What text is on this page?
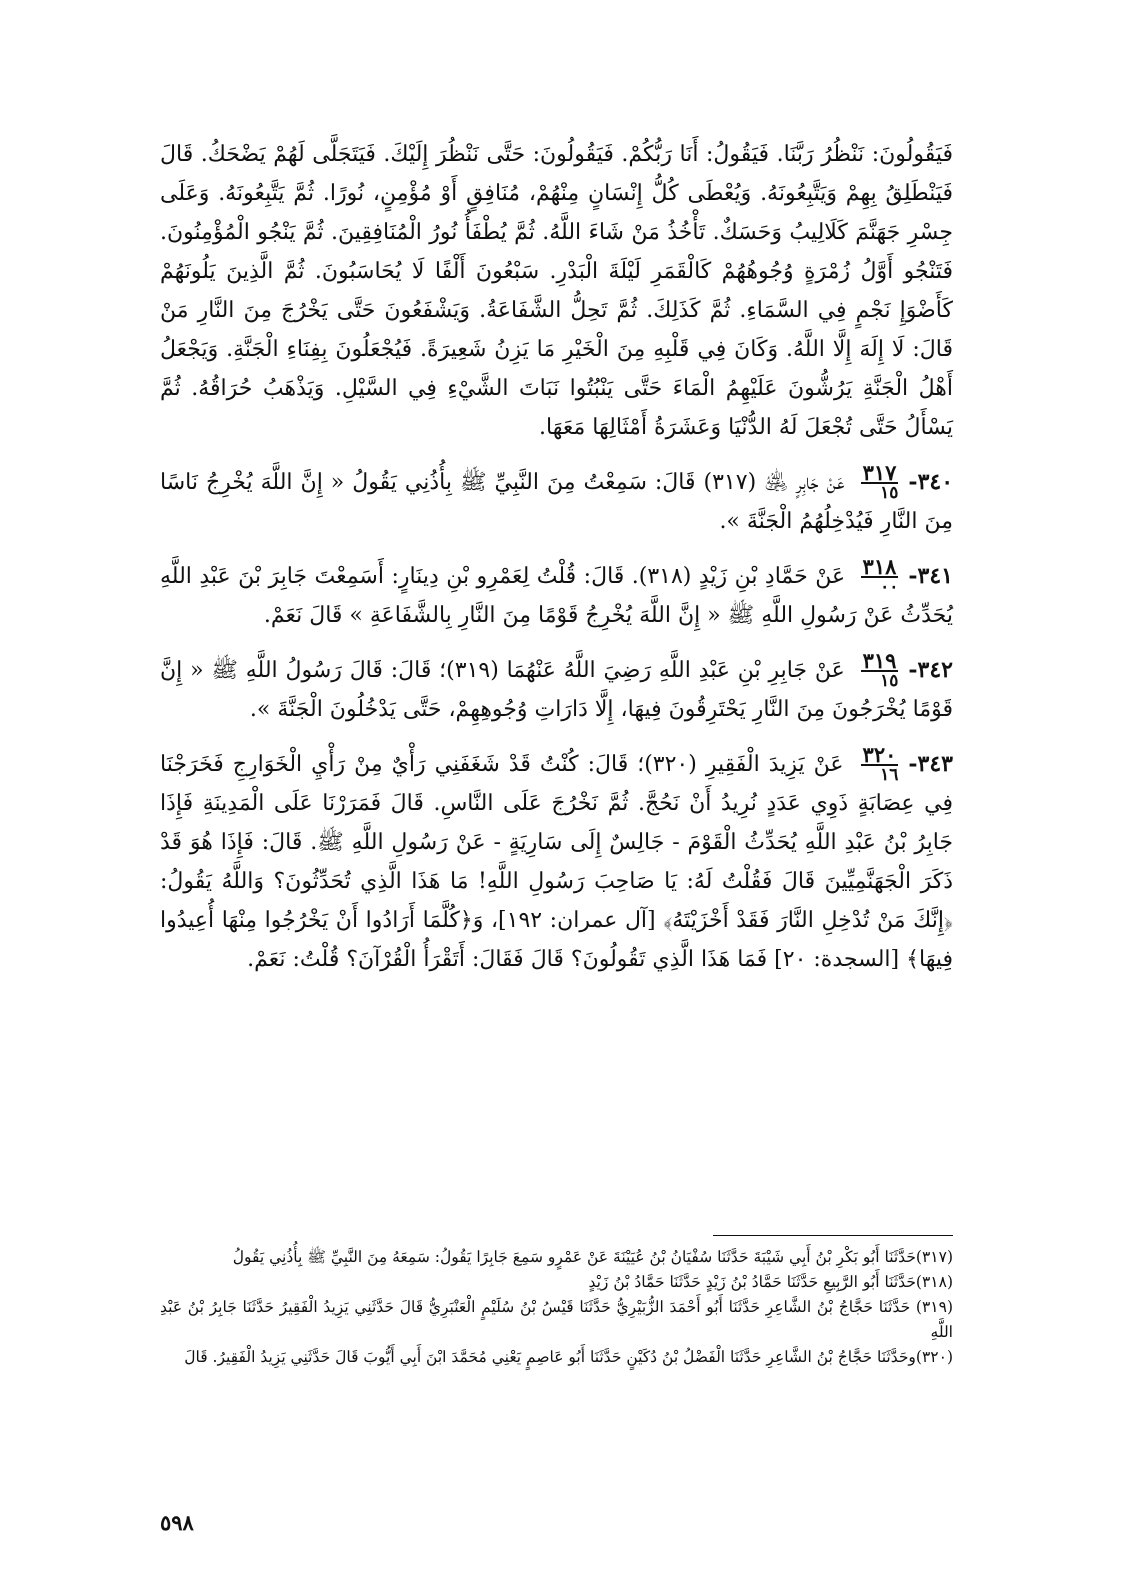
فَيَقُولُونَ: نَنْظُرُ رَبَّنَا. فَيَقُولُ: أَنَا رَبُّكُمْ. فَيَقُولُونَ: حَتَّى نَنْظُرَ إِلَيْكَ. فَيَتَجَلَّى لَهُمْ يَضْحَكُ. قَالَ فَيَنْطَلِقُ بِهِمْ وَيَتَّبِعُونَهُ. وَيُعْطَى كُلُّ إِنْسَانٍ مِنْهُمْ، مُنَافِقٍ أَوْ مُؤْمِنٍ، نُورًا. ثُمَّ يَتَّبِعُونَهُ. وَعَلَى جِسْرِ جَهَنَّمَ كَلَالِيبُ وَحَسَكٌ. تَأْخُذُ مَنْ شَاءَ اللَّهُ. ثُمَّ يُطْفَأُ نُورُ الْمُنَافِقِينَ. ثُمَّ يَنْجُو الْمُؤْمِنُونَ. فَتَنْجُو أَوَّلُ زُمْرَةٍ وُجُوهُهُمْ كَالْقَمَرِ لَيْلَةَ الْبَدْرِ. سَبْعُونَ أَلْفًا لَا يُحَاسَبُونَ. ثُمَّ الَّذِينَ يَلُونَهُمْ كَأَضْوَإِ نَجْمٍ فِي السَّمَاءِ. ثُمَّ كَذَلِكَ. ثُمَّ تَحِلُّ الشَّفَاعَةُ. وَيَشْفَعُونَ حَتَّى يَخْرُجَ مِنَ النَّارِ مَنْ قَالَ: لَا إِلَهَ إِلَّا اللَّهُ. وَكَانَ فِي قَلْبِهِ مِنَ الْخَيْرِ مَا يَزِنُ شَعِيرَةً. فَيُجْعَلُونَ بِفِنَاءِ الْجَنَّةِ. وَيَجْعَلُ أَهْلُ الْجَنَّةِ يَرُشُّونَ عَلَيْهِمُ الْمَاءَ حَتَّى يَنْبُتُوا نَبَاتَ الشَّيْءِ فِي السَّيْلِ. وَيَذْهَبُ حُرَاقُهُ. ثُمَّ يَسْأَلُ حَتَّى تُجْعَلَ لَهُ الدُّنْيَا وَعَشَرَةُ أَمْثَالِهَا مَعَهَا.

٣٤٠-
$\frac{٣١٧}{١٥}$
عَنْ جَابِرٍ ﵁ (٣١٧) قَالَ: سَمِعْتُ مِنَ النَّبِيِّ ﷺ بِأُذُنِي يَقُولُ « إِنَّ اللَّهَ يُخْرِجُ نَاسًا مِنَ النَّارِ فَيُدْخِلُهُمُ الْجَنَّةَ ».

٣٤١-
$\frac{٣١٨}{٠٠}$
عَنْ حَمَّادِ بْنِ زَيْدٍ (٣١٨). قَالَ: قُلْتُ لِعَمْرِو بْنِ دِينَارٍ: أَسَمِعْتَ جَابِرَ بْنَ عَبْدِ اللَّهِ يُحَدِّثُ عَنْ رَسُولِ اللَّهِ ﷺ « إِنَّ اللَّهَ يُخْرِجُ قَوْمًا مِنَ النَّارِ بِالشَّفَاعَةِ » قَالَ نَعَمْ.

٣٤٢-
$\frac{٣١٩}{١٥}$
عَنْ جَابِرِ بْنِ عَبْدِ اللَّهِ رَضِيَ اللَّهُ عَنْهُمَا (٣١٩)؛ قَالَ: قَالَ رَسُولُ اللَّهِ ﷺ « إِنَّ قَوْمًا يُخْرَجُونَ مِنَ النَّارِ يَحْتَرِقُونَ فِيهَا، إِلَّا دَارَاتِ وُجُوهِهِمْ، حَتَّى يَدْخُلُونَ الْجَنَّةَ ».

٣٤٣-
$\frac{٣٢٠}{١٦}$
عَنْ يَزِيدَ الْفَقِيرِ (٣٢٠)؛ قَالَ: كُنْتُ قَدْ شَغَفَنِي رَأْيٌ مِنْ رَأْيِ الْخَوَارِجِ فَخَرَجْنَا فِي عِصَابَةٍ ذَوِي عَدَدٍ نُرِيدُ أَنْ نَحُجَّ. ثُمَّ نَخْرُجَ عَلَى النَّاسِ. قَالَ فَمَرَرْنَا عَلَى الْمَدِينَةِ فَإِذَا جَابِرُ بْنُ عَبْدِ اللَّهِ يُحَدِّثُ الْقَوْمَ - جَالِسٌ إِلَى سَارِيَةٍ - عَنْ رَسُولِ اللَّهِ ﷺ. قَالَ: فَإِذَا هُوَ قَدْ ذَكَرَ الْجَهَنَّمِيِّينَ قَالَ فَقُلْتُ لَهُ: يَا صَاحِبَ رَسُولِ اللَّهِ! مَا هَذَا الَّذِي تُحَدِّثُونَ؟ وَاللَّهُ يَقُولُ: ﴿إِنَّكَ مَنْ تُدْخِلِ النَّارَ فَقَدْ أَخْزَيْتَهُ﴾ [آل عمران: ١٩٢]، وَ﴿كُلَّمَا أَرَادُوا أَنْ يَخْرُجُوا مِنْهَا أُعِيدُوا فِيهَا﴾ [السجدة: ٢٠] فَمَا هَذَا الَّذِي تَقُولُونَ؟ قَالَ فَقَالَ: أَتَقْرَأُ الْقُرْآنَ؟ قُلْتُ: نَعَمْ.

(٣١٧)حَدَّثَنَا أَبُو بَكْرِ بْنُ أَبِي شَيْبَةَ حَدَّثَنَا سُفْيَانُ بْنُ عُيَيْنَةَ عَنْ عَمْرٍو سَمِعَ جَابِرًا يَقُولُ: سَمِعَهُ مِنَ النَّبِيِّ ﷺ بِأُذُنِي يَقُولُ

(٣١٨)حَدَّثَنَا أَبُو الرَّبِيعِ حَدَّثَنَا حَمَّادُ بْنُ زَيْدٍ حَدَّثَنَا حَمَّادُ بْنُ زَيْدٍ

(٣١٩) حَدَّثَنَا حَجَّاجُ بْنُ الشَّاعِرِ حَدَّثَنَا أَبُو أَحْمَدَ الزُّبَيْرِيُّ حَدَّثَنَا قَيْسُ بْنُ سُلَيْمٍ الْعَنْبَرِيُّ قَالَ حَدَّثَنِي يَزِيدُ الْفَقِيرُ حَدَّثَنَا جَابِرُ بْنُ عَبْدِ اللَّهِ

(٣٢٠)وحَدَّثَنَا حَجَّاجُ بْنُ الشَّاعِرِ حَدَّثَنَا الْفَضْلُ بْنُ دُكَيْنٍ حَدَّثَنَا أَبُو عَاصِمٍ يَعْنِي مُحَمَّدَ ابْنَ أَبِي أَيُّوبَ قَالَ حَدَّثَنِي يَزِيدُ الْفَقِيرُ. قَالَ

٥٩٨
